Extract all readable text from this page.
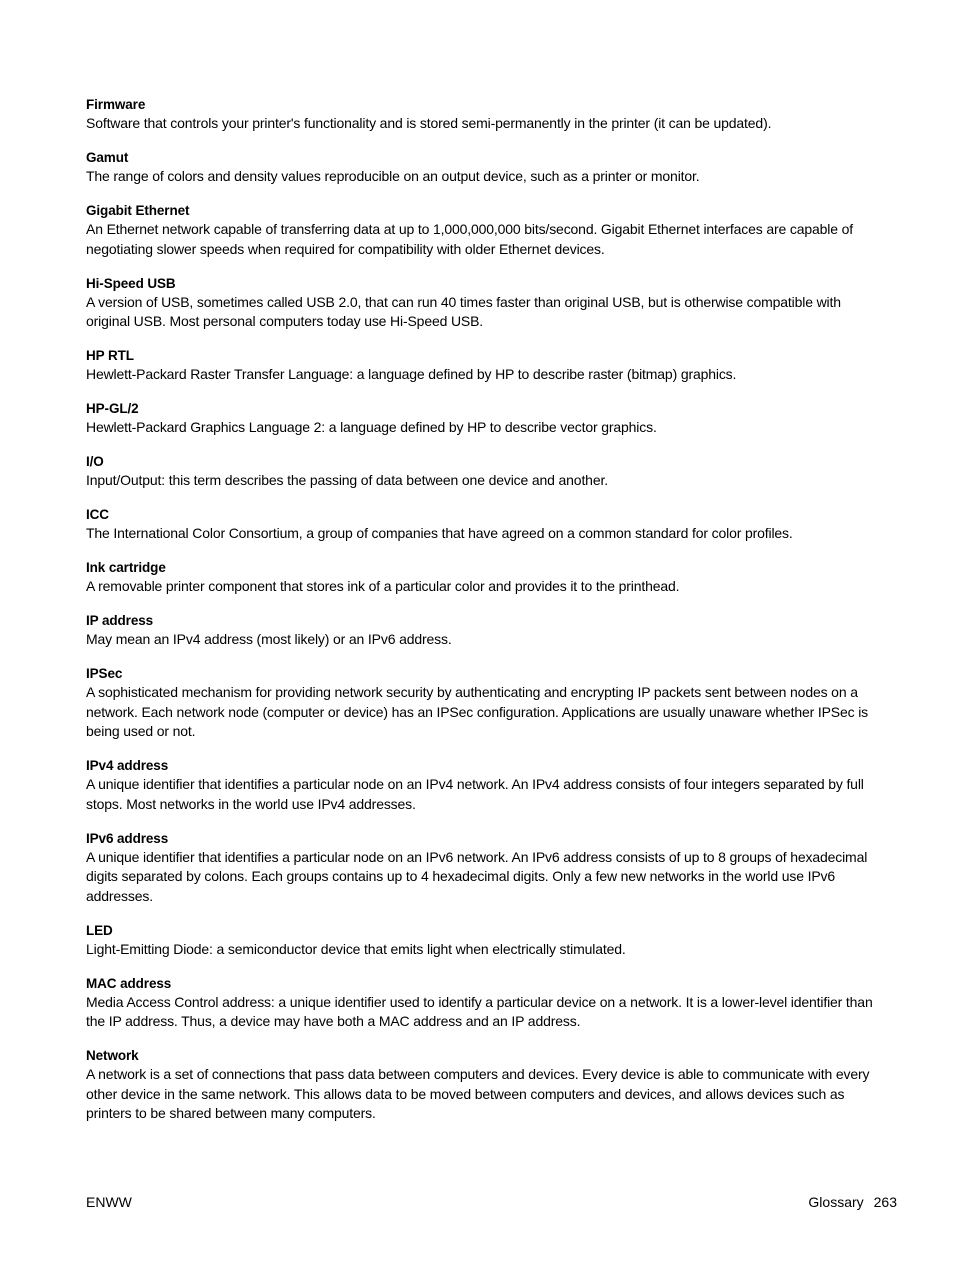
Firmware
Software that controls your printer's functionality and is stored semi-permanently in the printer (it can be updated).
Gamut
The range of colors and density values reproducible on an output device, such as a printer or monitor.
Gigabit Ethernet
An Ethernet network capable of transferring data at up to 1,000,000,000 bits/second. Gigabit Ethernet interfaces are capable of negotiating slower speeds when required for compatibility with older Ethernet devices.
Hi-Speed USB
A version of USB, sometimes called USB 2.0, that can run 40 times faster than original USB, but is otherwise compatible with original USB. Most personal computers today use Hi-Speed USB.
HP RTL
Hewlett-Packard Raster Transfer Language: a language defined by HP to describe raster (bitmap) graphics.
HP-GL/2
Hewlett-Packard Graphics Language 2: a language defined by HP to describe vector graphics.
I/O
Input/Output: this term describes the passing of data between one device and another.
ICC
The International Color Consortium, a group of companies that have agreed on a common standard for color profiles.
Ink cartridge
A removable printer component that stores ink of a particular color and provides it to the printhead.
IP address
May mean an IPv4 address (most likely) or an IPv6 address.
IPSec
A sophisticated mechanism for providing network security by authenticating and encrypting IP packets sent between nodes on a network. Each network node (computer or device) has an IPSec configuration. Applications are usually unaware whether IPSec is being used or not.
IPv4 address
A unique identifier that identifies a particular node on an IPv4 network. An IPv4 address consists of four integers separated by full stops. Most networks in the world use IPv4 addresses.
IPv6 address
A unique identifier that identifies a particular node on an IPv6 network. An IPv6 address consists of up to 8 groups of hexadecimal digits separated by colons. Each groups contains up to 4 hexadecimal digits. Only a few new networks in the world use IPv6 addresses.
LED
Light-Emitting Diode: a semiconductor device that emits light when electrically stimulated.
MAC address
Media Access Control address: a unique identifier used to identify a particular device on a network. It is a lower-level identifier than the IP address. Thus, a device may have both a MAC address and an IP address.
Network
A network is a set of connections that pass data between computers and devices. Every device is able to communicate with every other device in the same network. This allows data to be moved between computers and devices, and allows devices such as printers to be shared between many computers.
ENWW	Glossary 263
